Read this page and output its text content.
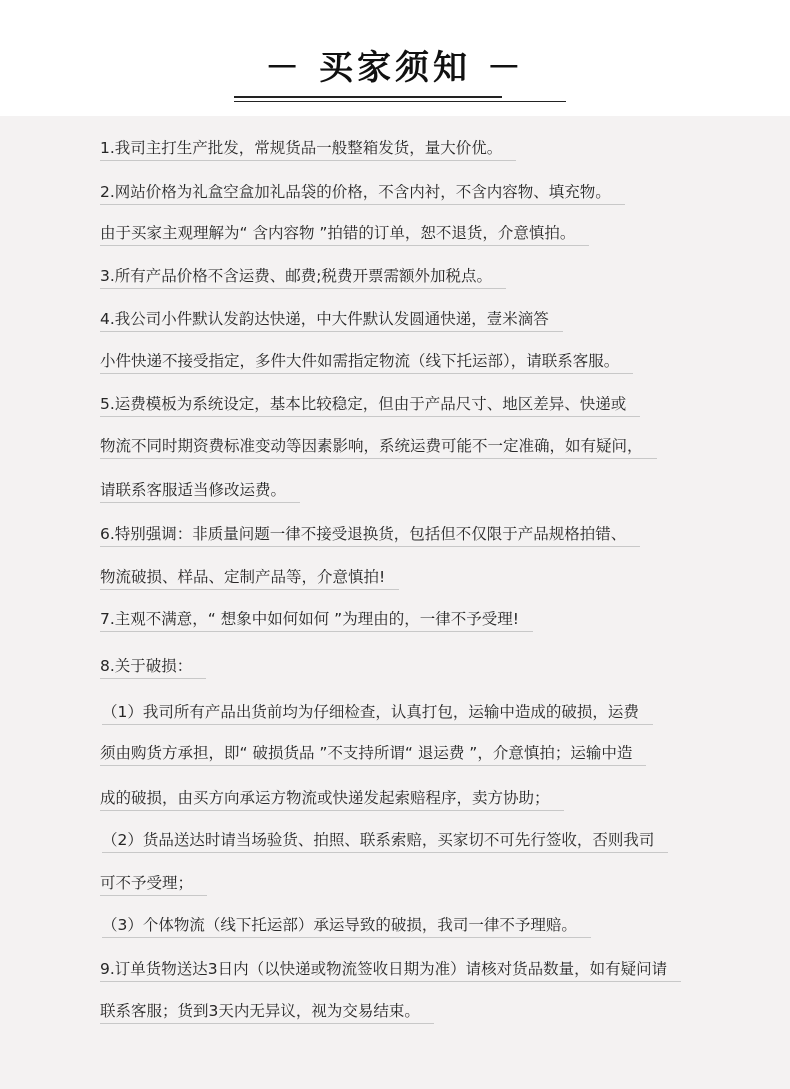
－ 买家须知 －
1.我司主打生产批发，常规货品一般整箱发货，量大价优。
2.网站价格为礼盒空盒加礼品袋的价格，不含内衬，不含内容物、填充物。
由于买家主观理解为“ 含内容物 ”拍错的订单，恕不退货，介意慎拍。
3.所有产品价格不含运费、邮费;税费开票需额外加税点。
4.我公司小件默认发韵达快递，中大件默认发圆通快递，壹米滴答
小件快递不接受指定，多件大件如需指定物流（线下托运部），请联系客服。
5.运费模板为系统设定，基本比较稳定，但由于产品尺寸、地区差异、快递或
物流不同时期资费标准变动等因素影响，系统运费可能不一定准确，如有疑问，
请联系客服适当修改运费。
6.特别强调：非质量问题一律不接受退换货，包括但不仅限于产品规格拍错、
物流破损、样品、定制产品等，介意慎拍!
7.主观不满意，“ 想象中如何如何 ”为理由的，一律不予受理!
8.关于破损：
（1）我司所有产品出货前均为仔细检查，认真打包，运输中造成的破损，运费
须由购货方承担，即“ 破损货品 ”不支持所谓“ 退运费 ”，介意慎拍；运输中造
成的破损，由买方向承运方物流或快递发起索赔程序，卖方协助；
（2）货品送达时请当场验货、拍照、联系索赔，买家切不可先行签收，否则我司
可不予受理；
（3）个体物流（线下托运部）承运导致的破损，我司一律不予理赔。
9.订单货物送达3日内（以快递或物流签收日期为准）请核对货品数量，如有疑问请
联系客服；货到3天内无异议，视为交易结束。
